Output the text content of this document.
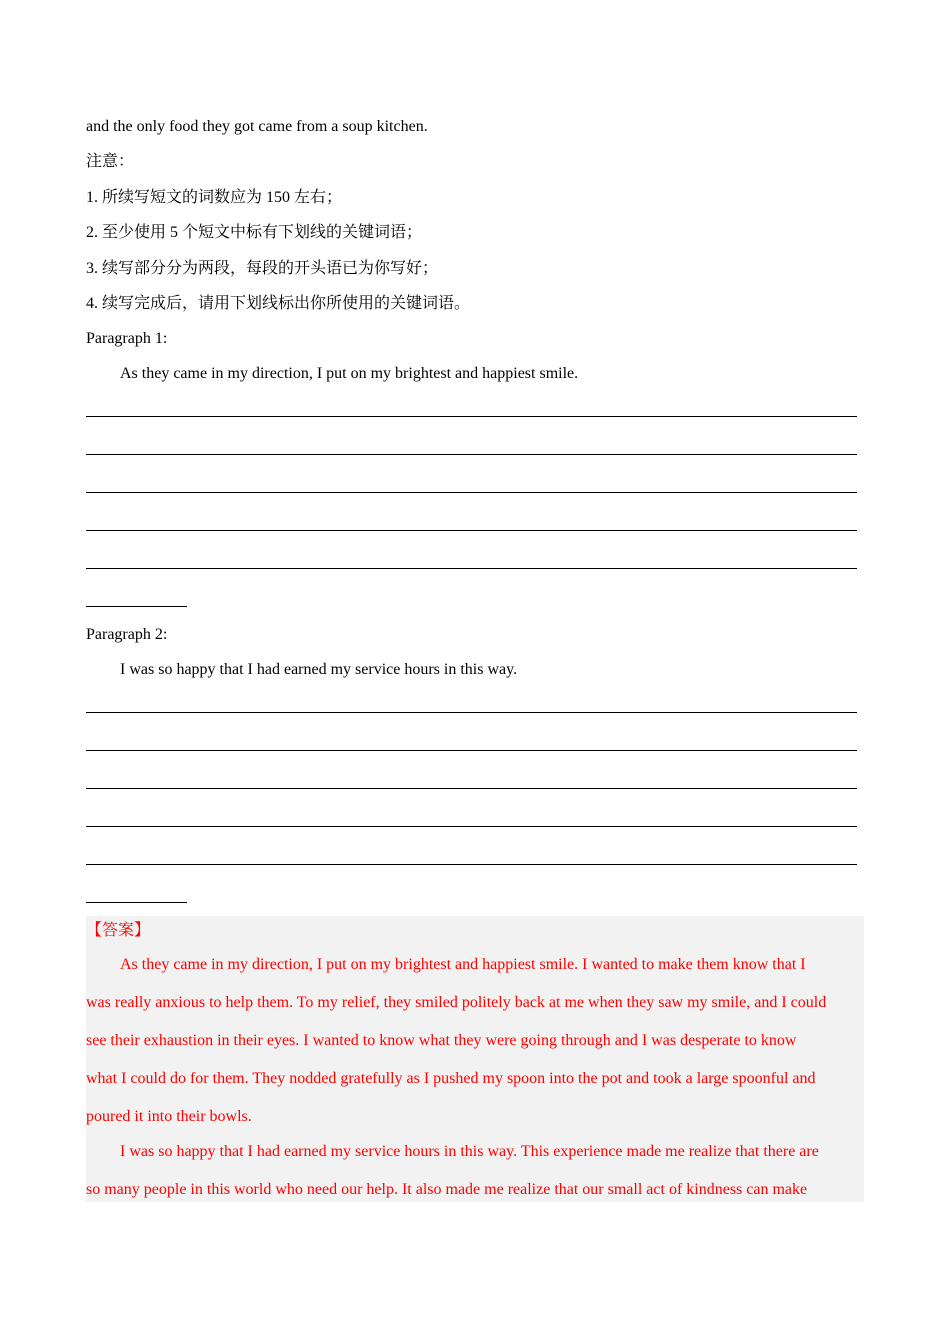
and the only food they got came from a soup kitchen.
注意：
1. 所续写短文的词数应为 150 左右；
2. 至少使用 5 个短文中标有下划线的关键词语；
3. 续写部分分为两段，每段的开头语已为你写好；
4. 续写完成后，请用下划线标出你所使用的关键词语。
Paragraph 1:
As they came in my direction, I put on my brightest and happiest smile.
Paragraph 2:
I was so happy that I had earned my service hours in this way.
【答案】
As they came in my direction, I put on my brightest and happiest smile. I wanted to make them know that I
was really anxious to help them. To my relief, they smiled politely back at me when they saw my smile, and I could
see their exhaustion in their eyes. I wanted to know what they were going through and I was desperate to know
what I could do for them. They nodded gratefully as I pushed my spoon into the pot and took a large spoonful and
poured it into their bowls.
I was so happy that I had earned my service hours in this way. This experience made me realize that there are
so many people in this world who need our help. It also made me realize that our small act of kindness can make
